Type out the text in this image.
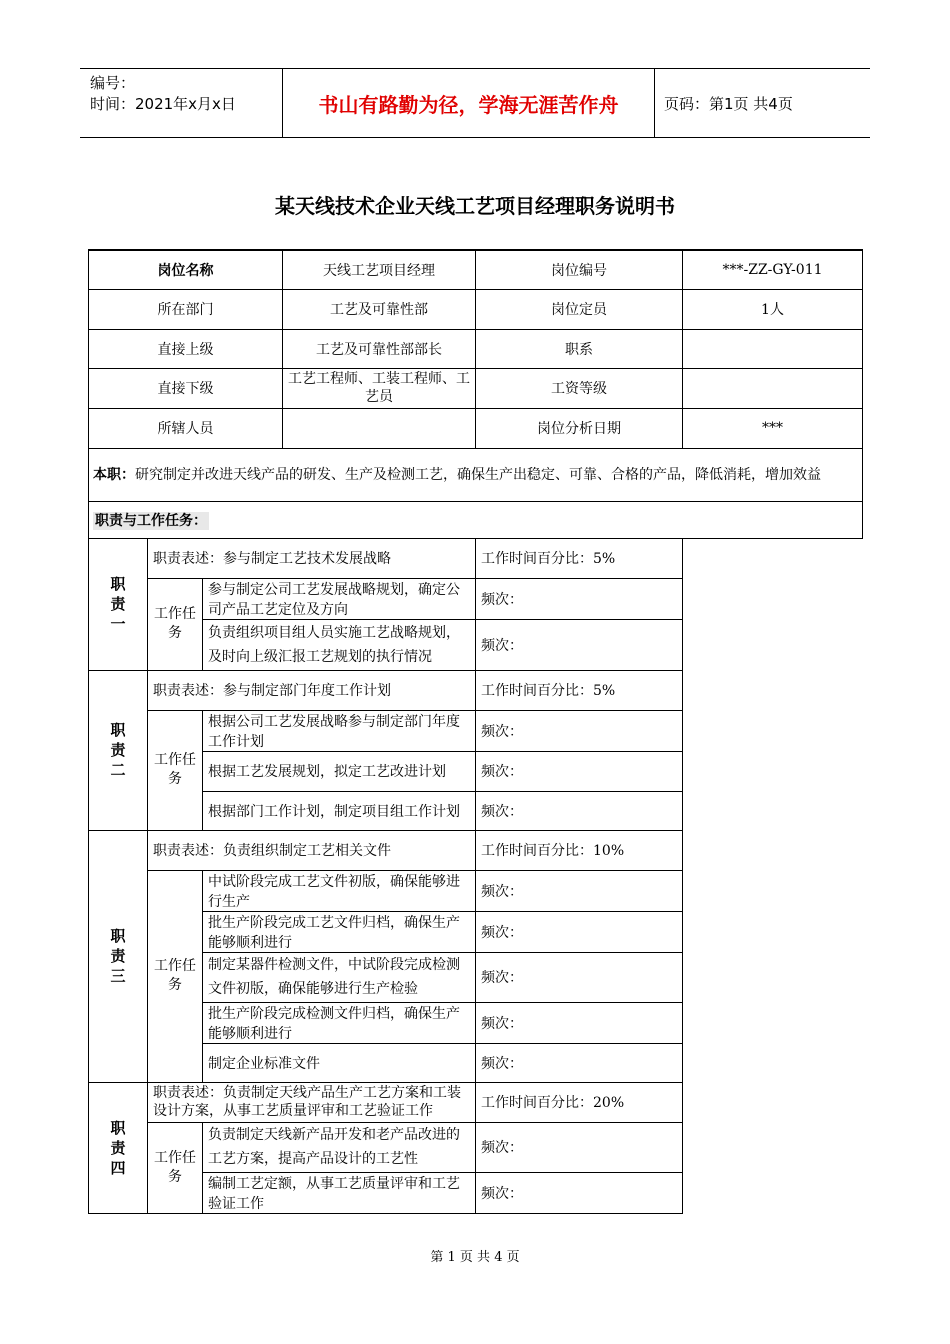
编号：
时间：2021年x月x日	书山有路勤为径，学海无涯苦作舟	页码：第1页 共4页
某天线技术企业天线工艺项目经理职务说明书
岗位名称			天线工艺项目经理	岗位编号	***-ZZ-GY-011
所在部门			工艺及可靠性部	岗位定员	1人
直接上级			工艺及可靠性部部长	职系	
直接下级			工艺工程师、工装工程师、工艺员	工资等级	
所辖人员				岗位分析日期	***
本职：研究制定并改进天线产品的研发、生产及检测工艺，确保生产出稳定、可靠、合格的产品，降低消耗，增加效益					
职责与工作任务：					

职
责
一	职责表述：参与制定工艺技术发展战略			工作时间百分比：5%	
	工作任务	参与制定公司工艺发展战略规划，确定公司产品工艺定位及方向		频次：	
		负责组织项目组人员实施工艺战略规划，及时向上级汇报工艺规划的执行情况		频次：	

职
责
二	职责表述：参与制定部门年度工作计划			工作时间百分比：5%	
	工作任务	根据公司工艺发展战略参与制定部门年度工作计划		频次：	
		根据工艺发展规划，拟定工艺改进计划		频次：	
		根据部门工作计划，制定项目组工作计划		频次：	

职
责
三	职责表述：负责组织制定工艺相关文件			工作时间百分比：10%	
	工作任务	中试阶段完成工艺文件初版，确保能够进行生产		频次：	
		批生产阶段完成工艺文件归档，确保生产能够顺利进行		频次：	
		制定某器件检测文件，中试阶段完成检测文件初版，确保能够进行生产检验		频次：	
		批生产阶段完成检测文件归档，确保生产能够顺利进行		频次：	
		制定企业标准文件		频次：	

职
责
四	职责表述：负责制定天线产品生产工艺方案和工装设计方案，从事工艺质量评审和工艺验证工作			工作时间百分比：20%	
	工作任务	负责制定天线新产品开发和老产品改进的工艺方案，提高产品设计的工艺性		频次：	
		编制工艺定额，从事工艺质量评审和工艺验证工作		频次：	
第 1 页 共 4 页
